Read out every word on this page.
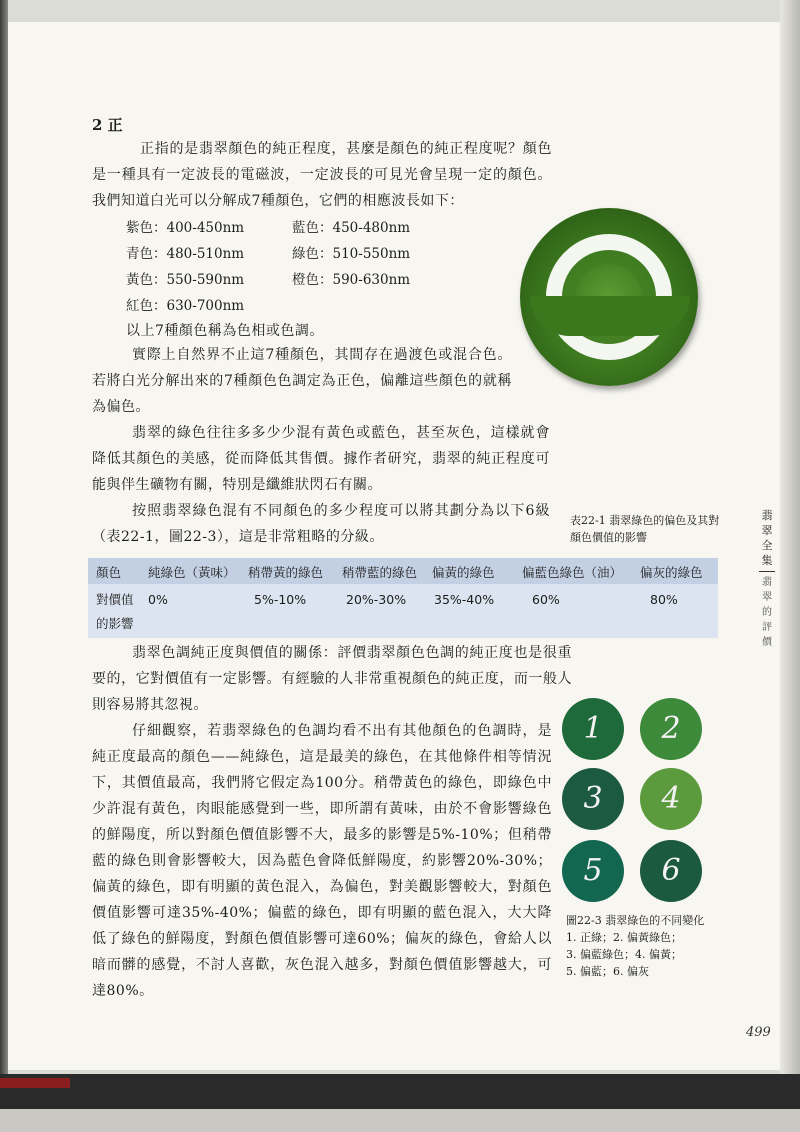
2 正
正指的是翡翠顏色的純正程度，甚麼是顏色的純正程度呢？顏色是一種具有一定波長的電磁波，一定波長的可見光會呈現一定的顏色。我們知道白光可以分解成7種顏色，它們的相應波長如下：
紫色：400-450nm	藍色：450-480nm
青色：480-510nm	綠色：510-550nm
黃色：550-590nm	橙色：590-630nm
紅色：630-700nm
以上7種顏色稱為色相或色調。
實際上自然界不止這7種顏色，其間存在過渡色或混合色。若將白光分解出來的7種顏色色調定為正色，偏離這些顏色的就稱為偏色。
翡翠的綠色往往多多少少混有黃色或藍色，甚至灰色，這樣就會降低其顏色的美感，從而降低其售價。據作者研究，翡翠的純正程度可能與伴生礦物有關，特別是纖維狀閃石有關。
按照翡翠綠色混有不同顏色的多少程度可以將其劃分為以下6級（表22-1，圖22-3），這是非常粗略的分級。
表22-1 翡翠綠色的偏色及其對顏色價值的影響
翡
翠
全
集
翡
翠
的
評
價
顏色 純綠色（黃味） 稍帶黃的綠色 稍帶藍的綠色 偏黃的綠色 偏藍色綠色（油） 偏灰的綠色
對價值
的影響
0%	5%-10%	20%-30% 35%-40%	60%	80%
翡翠色調純正度與價值的關係：評價翡翠顏色色調的純正度也是很重要的，它對價值有一定影響。有經驗的人非常重視顏色的純正度，而一般人則容易將其忽視。
仔細觀察，若翡翠綠色的色調均看不出有其他顏色的色調時，是純正度最高的顏色——純綠色，這是最美的綠色，在其他條件相等情況下，其價值最高，我們將它假定為100分。稍帶黃色的綠色，即綠色中少許混有黃色，肉眼能感覺到一些，即所謂有黃味，由於不會影響綠色的鮮陽度，所以對顏色價值影響不大，最多的影響是5%-10%；但稍帶藍的綠色則會影響較大，因為藍色會降低鮮陽度，約影響20%-30%；偏黃的綠色，即有明顯的黃色混入，為偏色，對美觀影響較大，對顏色價值影響可達35%-40%；偏藍的綠色，即有明顯的藍色混入，大大降低了綠色的鮮陽度，對顏色價值影響可達60%；偏灰的綠色，會給人以暗而髒的感覺，不討人喜歡，灰色混入越多，對顏色價值影響越大，可達80%。
1	2
3	4
5	6
圖22-3 翡翠綠色的不同變化
1. 正綠；2. 偏黃綠色；
3. 偏藍綠色；4. 偏黃；
5. 偏藍；6. 偏灰
499
